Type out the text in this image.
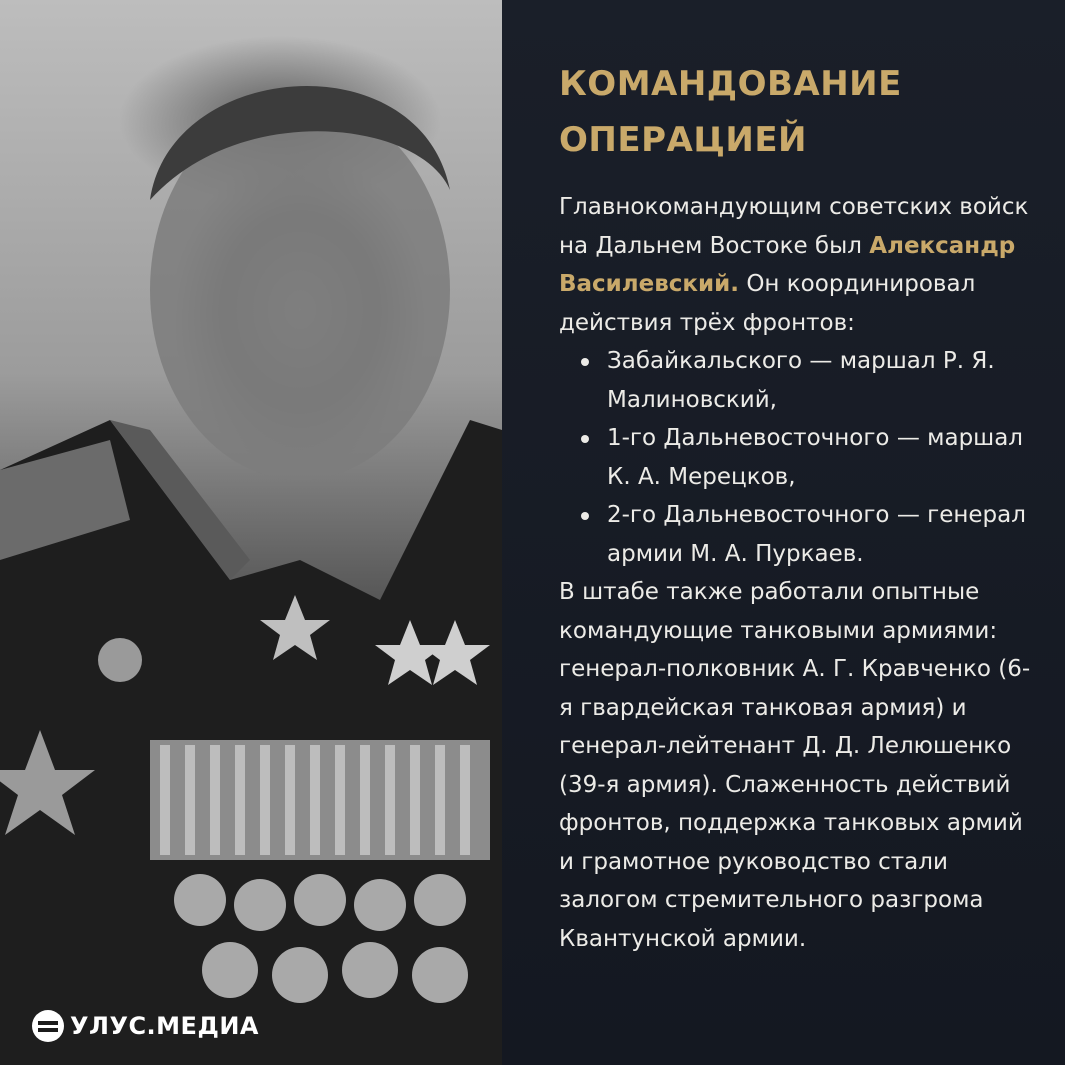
УЛУС.МЕДИА
КОМАНДОВАНИЕ
ОПЕРАЦИЕЙ

Главнокомандующим советских войск на Дальнем Востоке был Александр Василевский. Он координировал действия трёх фронтов:

Забайкальского — маршал Р. Я. Малиновский,
1-го Дальневосточного — маршал К. А. Мерецков,
2-го Дальневосточного — генерал армии М. А. Пуркаев.

В штабе также работали опытные командующие танковыми армиями: генерал-полковник А. Г. Кравченко (6-я гвардейская танковая армия) и генерал-лейтенант Д. Д. Лелюшенко (39-я армия). Слаженность действий фронтов, поддержка танковых армий и грамотное руководство стали залогом стремительного разгрома Квантунской армии.
